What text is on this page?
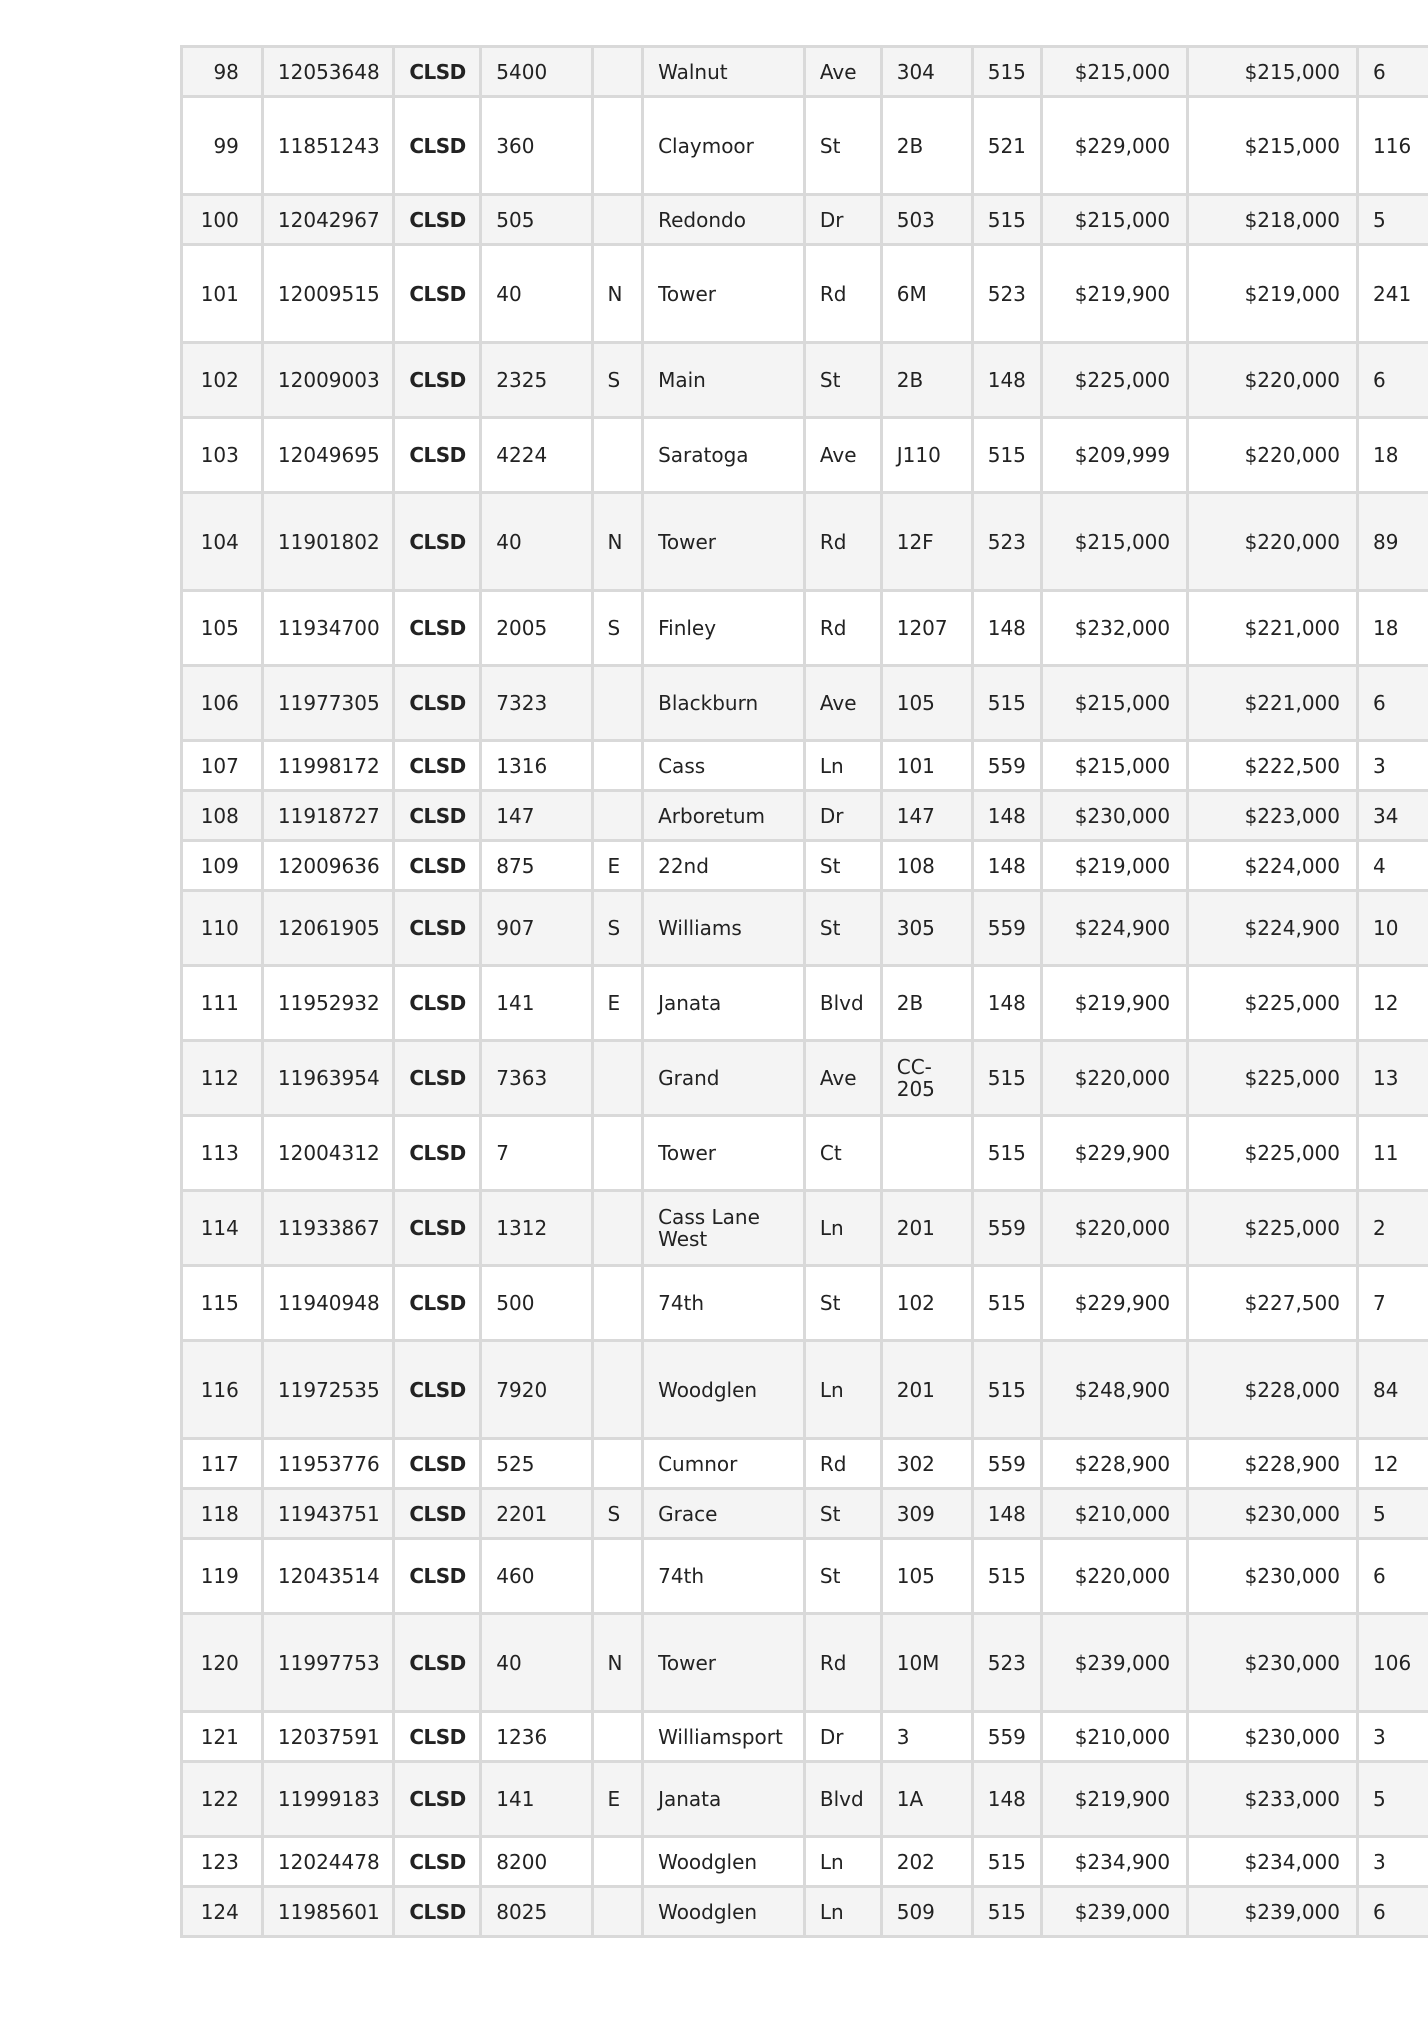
98	12053648	CLSD	5400		Walnut	Ave	304	515	$215,000	$215,000	6
99	11851243	CLSD	360		Claymoor	St	2B	521	$229,000	$215,000	116
100	12042967	CLSD	505		Redondo	Dr	503	515	$215,000	$218,000	5
101	12009515	CLSD	40	N	Tower	Rd	6M	523	$219,900	$219,000	241
102	12009003	CLSD	2325	S	Main	St	2B	148	$225,000	$220,000	6
103	12049695	CLSD	4224		Saratoga	Ave	J110	515	$209,999	$220,000	18
104	11901802	CLSD	40	N	Tower	Rd	12F	523	$215,000	$220,000	89
105	11934700	CLSD	2005	S	Finley	Rd	1207	148	$232,000	$221,000	18
106	11977305	CLSD	7323		Blackburn	Ave	105	515	$215,000	$221,000	6
107	11998172	CLSD	1316		Cass	Ln	101	559	$215,000	$222,500	3
108	11918727	CLSD	147		Arboretum	Dr	147	148	$230,000	$223,000	34
109	12009636	CLSD	875	E	22nd	St	108	148	$219,000	$224,000	4
110	12061905	CLSD	907	S	Williams	St	305	559	$224,900	$224,900	10
111	11952932	CLSD	141	E	Janata	Blvd	2B	148	$219,900	$225,000	12
112	11963954	CLSD	7363		Grand	Ave	CC-205	515	$220,000	$225,000	13
113	12004312	CLSD	7		Tower	Ct		515	$229,900	$225,000	11
114	11933867	CLSD	1312		Cass Lane West	Ln	201	559	$220,000	$225,000	2
115	11940948	CLSD	500		74th	St	102	515	$229,900	$227,500	7
116	11972535	CLSD	7920		Woodglen	Ln	201	515	$248,900	$228,000	84
117	11953776	CLSD	525		Cumnor	Rd	302	559	$228,900	$228,900	12
118	11943751	CLSD	2201	S	Grace	St	309	148	$210,000	$230,000	5
119	12043514	CLSD	460		74th	St	105	515	$220,000	$230,000	6
120	11997753	CLSD	40	N	Tower	Rd	10M	523	$239,000	$230,000	106
121	12037591	CLSD	1236		Williamsport	Dr	3	559	$210,000	$230,000	3
122	11999183	CLSD	141	E	Janata	Blvd	1A	148	$219,900	$233,000	5
123	12024478	CLSD	8200		Woodglen	Ln	202	515	$234,900	$234,000	3
124	11985601	CLSD	8025		Woodglen	Ln	509	515	$239,000	$239,000	6
